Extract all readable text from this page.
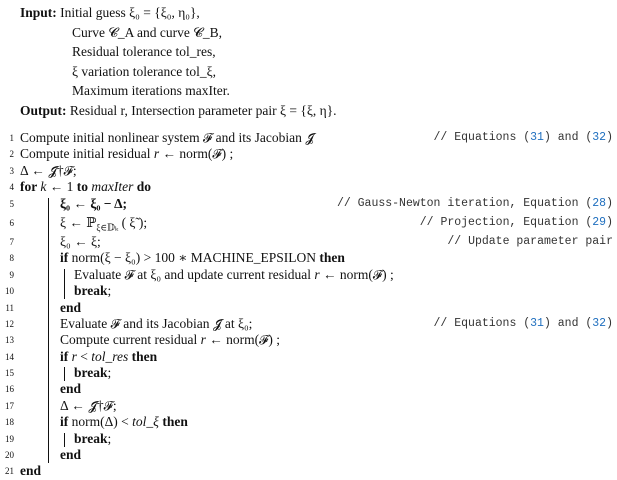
Input: Initial guess ξ₀ = {ξ₀, η₀},
Curve 𝓒_A and curve 𝓒_B,
Residual tolerance tol_res,
ξ variation tolerance tol_ξ,
Maximum iterations maxIter.
Output: Residual r, Intersection parameter pair ξ = {ξ, η}.
1 Compute initial nonlinear system 𝓕 and its Jacobian 𝓙	// Equations (31) and (32)
2 Compute initial residual r ← norm(𝓕) ;
3 Δ ← 𝓙†𝓕;
4 for k ← 1 to maxIter do
5	ξ₀ ← ξ₀ − Δ;	// Gauss-Newton iteration, Equation (28)
6	ξ ← ℙ$_{\xi\in 𝔻_k}$ ( ξ̃ );	// Projection, Equation (29)
7	ξ₀ ← ξ;	// Update parameter pair
8	if norm(ξ − ξ₀) > 100 ∗ MACHINE_EPSILON then
9	Evaluate 𝓕 at ξ₀ and update current residual r ← norm(𝓕) ;
10	break;
11	end
12	Evaluate 𝓕 and its Jacobian 𝓙 at ξ₀;	// Equations (31) and (32)
13	Compute current residual r ← norm(𝓕) ;
14	if r < tol_res then
15	break;
16	end
17	Δ ← 𝓙†𝓕;
18	if norm(Δ) < tol_ξ then
19	break;
20	end
21 end
